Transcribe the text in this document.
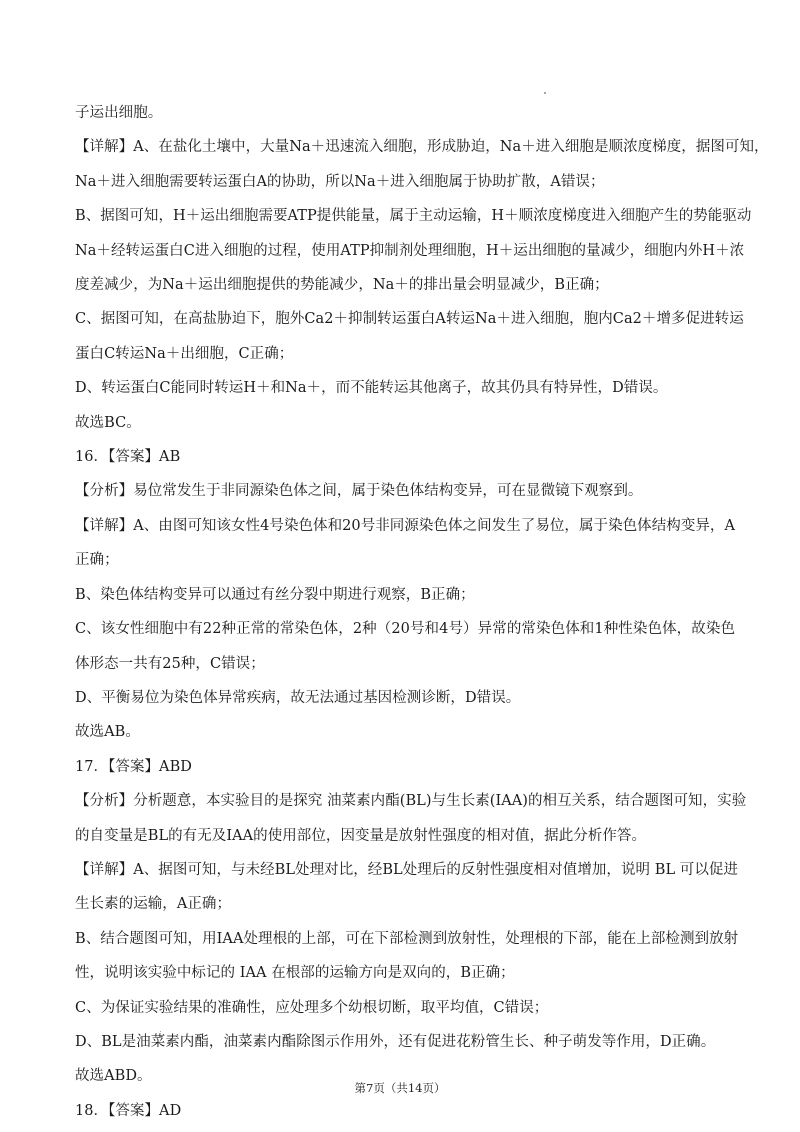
子运出细胞。
【详解】A、在盐化土壤中，大量Na＋迅速流入细胞，形成胁迫，Na＋进入细胞是顺浓度梯度，据图可知，
Na＋进入细胞需要转运蛋白A的协助，所以Na＋进入细胞属于协助扩散，A错误；
B、据图可知，H＋运出细胞需要ATP提供能量，属于主动运输，H＋顺浓度梯度进入细胞产生的势能驱动
Na＋经转运蛋白C进入细胞的过程，使用ATP抑制剂处理细胞，H＋运出细胞的量减少，细胞内外H＋浓
度差减少，为Na＋运出细胞提供的势能减少，Na＋的排出量会明显减少，B正确；
C、据图可知，在高盐胁迫下，胞外Ca2＋抑制转运蛋白A转运Na＋进入细胞，胞内Ca2＋增多促进转运
蛋白C转运Na＋出细胞，C正确；
D、转运蛋白C能同时转运H＋和Na＋，而不能转运其他离子，故其仍具有特异性，D错误。
故选BC。
16．【答案】AB
【分析】易位常发生于非同源染色体之间，属于染色体结构变异，可在显微镜下观察到。
【详解】A、由图可知该女性4号染色体和20号非同源染色体之间发生了易位，属于染色体结构变异，A
正确；
B、染色体结构变异可以通过有丝分裂中期进行观察，B正确；
C、该女性细胞中有22种正常的常染色体，2种（20号和4号）异常的常染色体和1种性染色体，故染色
体形态一共有25种，C错误；
D、平衡易位为染色体异常疾病，故无法通过基因检测诊断，D错误。
故选AB。
17．【答案】ABD
【分析】分析题意，本实验目的是探究 油菜素内酯(BL)与生长素(IAA)的相互关系，结合题图可知，实验
的自变量是BL的有无及IAA的使用部位，因变量是放射性强度的相对值，据此分析作答。
【详解】A、据图可知，与未经BL处理对比，经BL处理后的反射性强度相对值增加，说明 BL 可以促进
生长素的运输，A正确；
B、结合题图可知，用IAA处理根的上部，可在下部检测到放射性，处理根的下部，能在上部检测到放射
性，说明该实验中标记的 IAA 在根部的运输方向是双向的，B正确；
C、为保证实验结果的准确性，应处理多个幼根切断，取平均值，C错误；
D、BL是油菜素内酯，油菜素内酯除图示作用外，还有促进花粉管生长、种子萌发等作用，D正确。
故选ABD。
18．【答案】AD
第7页（共14页）
